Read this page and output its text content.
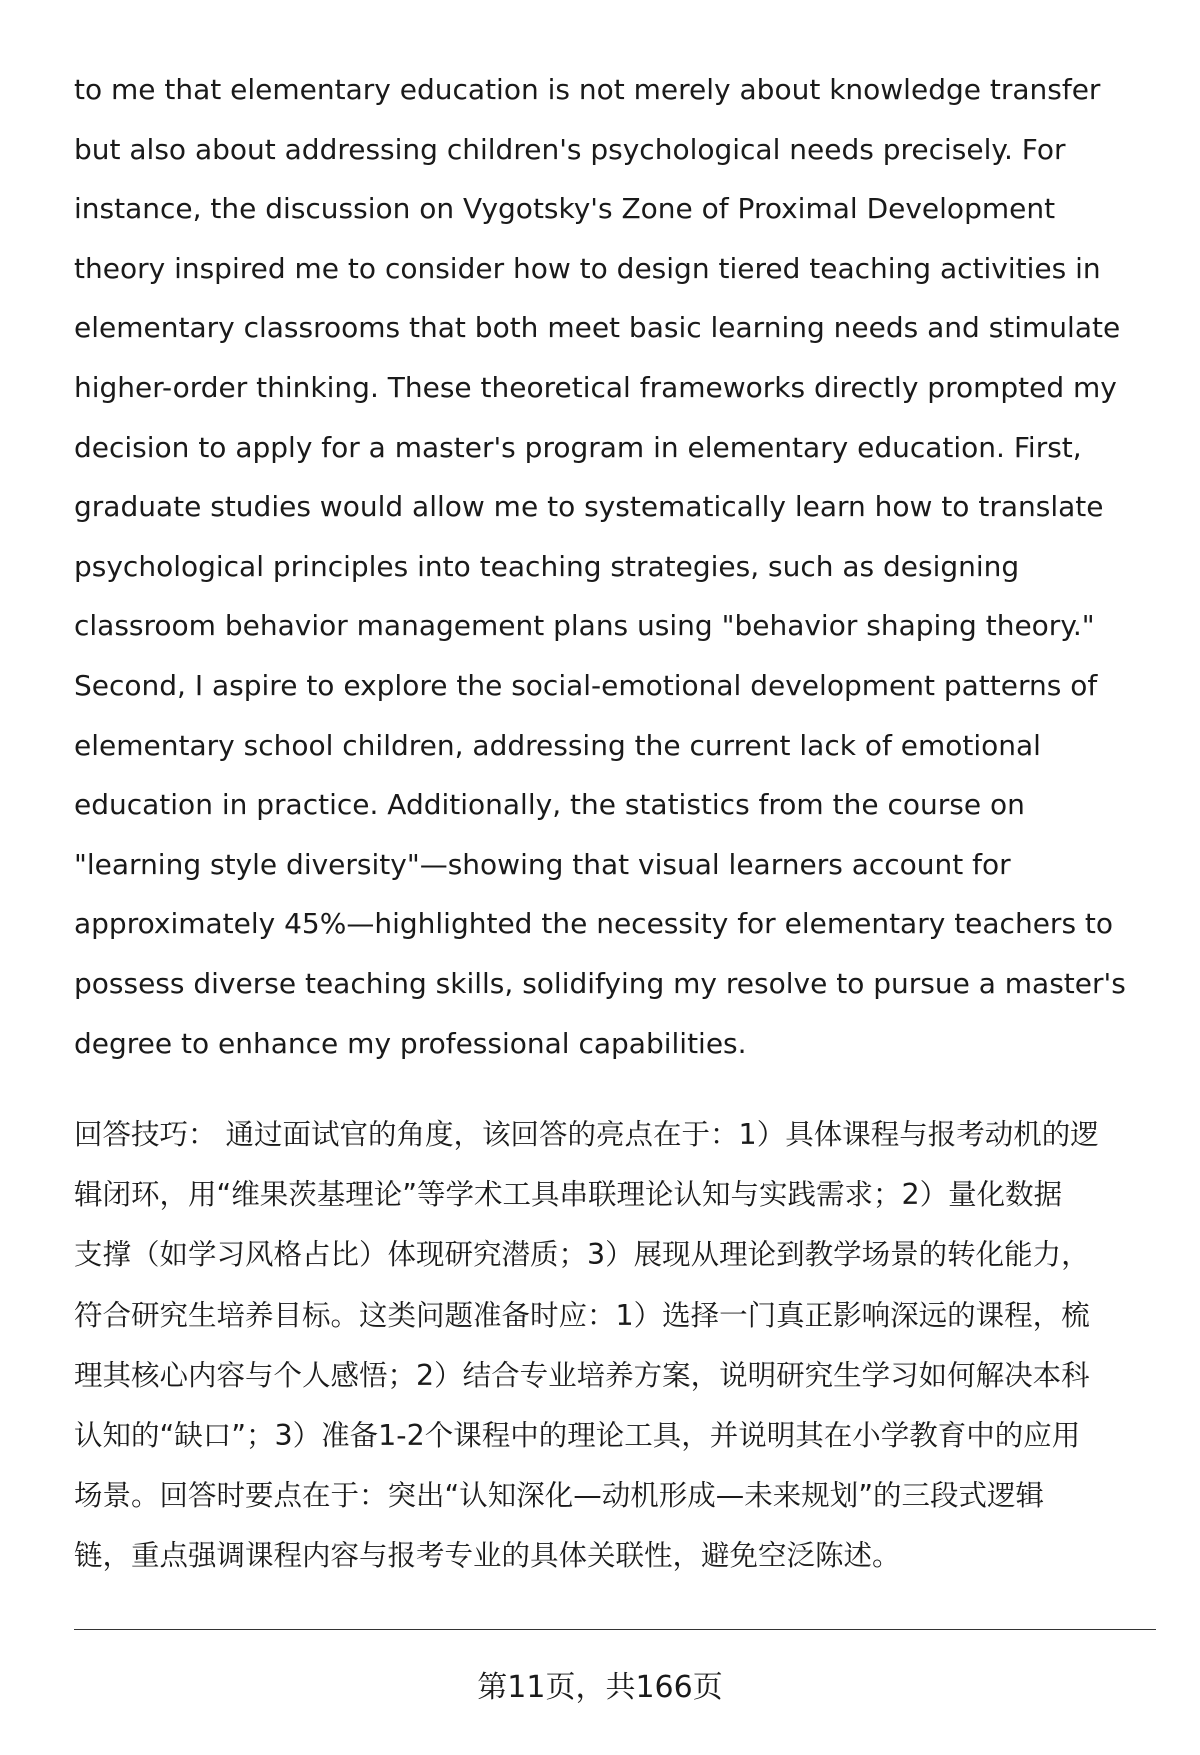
to me that elementary education is not merely about knowledge transfer
but also about addressing children's psychological needs precisely. For
instance, the discussion on Vygotsky's Zone of Proximal Development
theory inspired me to consider how to design tiered teaching activities in
elementary classrooms that both meet basic learning needs and stimulate
higher-order thinking. These theoretical frameworks directly prompted my
decision to apply for a master's program in elementary education. First,
graduate studies would allow me to systematically learn how to translate
psychological principles into teaching strategies, such as designing
classroom behavior management plans using "behavior shaping theory."
Second, I aspire to explore the social-emotional development patterns of
elementary school children, addressing the current lack of emotional
education in practice. Additionally, the statistics from the course on
"learning style diversity"—showing that visual learners account for
approximately 45%—highlighted the necessity for elementary teachers to
possess diverse teaching skills, solidifying my resolve to pursue a master's
degree to enhance my professional capabilities.
回答技巧： 通过面试官的角度，该回答的亮点在于：1）具体课程与报考动机的逻
辑闭环，用“维果茨基理论”等学术工具串联理论认知与实践需求；2）量化数据
支撑（如学习风格占比）体现研究潜质；3）展现从理论到教学场景的转化能力，
符合研究生培养目标。这类问题准备时应：1）选择一门真正影响深远的课程，梳
理其核心内容与个人感悟；2）结合专业培养方案，说明研究生学习如何解决本科
认知的“缺口”；3）准备1-2个课程中的理论工具，并说明其在小学教育中的应用
场景。回答时要点在于：突出“认知深化—动机形成—未来规划”的三段式逻辑
链，重点强调课程内容与报考专业的具体关联性，避免空泛陈述。
第11页，共166页
